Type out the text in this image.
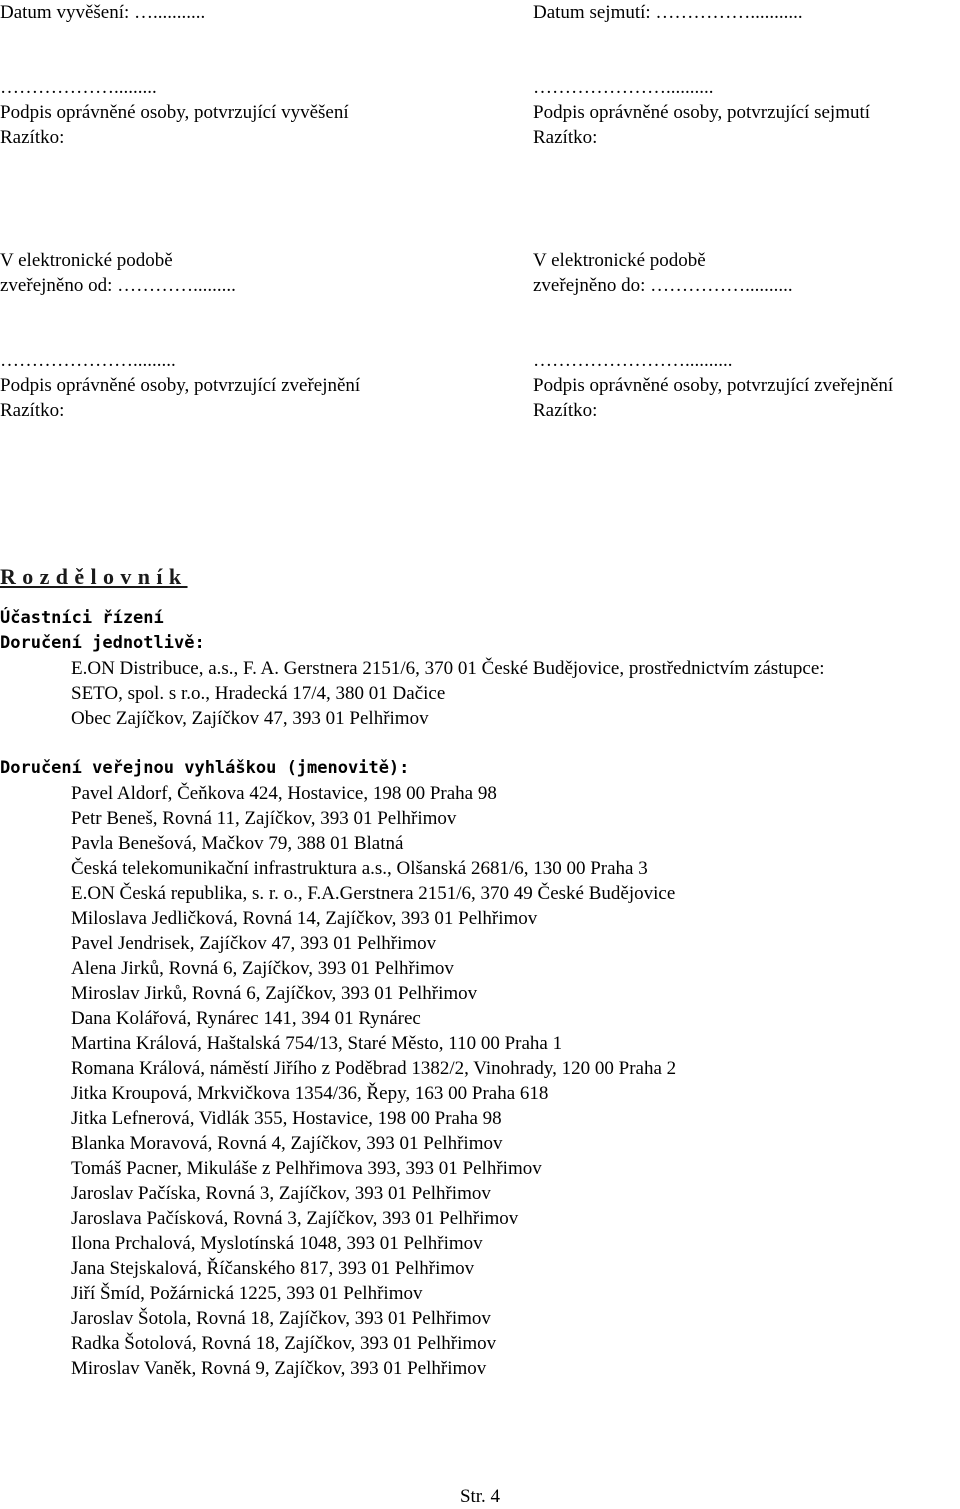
Datum vyvěšení: …...........
……………….........
Podpis oprávněné osoby, potvrzující vyvěšení
Razítko:
Datum sejmutí: ……………...........
…………………..........
Podpis oprávněné osoby, potvrzující sejmutí
Razítko:
V elektronické podobě
zveřejněno od: ………….........
………………….........
Podpis oprávněné osoby, potvrzující zveřejnění
Razítko:
V elektronické podobě
zveřejněno do: ……………..........
……………………..........
Podpis oprávněné osoby, potvrzující zveřejnění
Razítko:
R o z d ě l o v n í k
Účastníci řízení
Doručení jednotlivě:
E.ON Distribuce, a.s., F. A. Gerstnera 2151/6, 370 01 České Budějovice, prostřednictvím zástupce:
SETO, spol. s r.o., Hradecká 17/4, 380 01 Dačice
Obec Zajíčkov, Zajíčkov 47, 393 01 Pelhřimov
Doručení veřejnou vyhláškou (jmenovitě):
Pavel Aldorf, Čeňkova 424, Hostavice, 198 00 Praha 98
Petr Beneš, Rovná 11, Zajíčkov, 393 01 Pelhřimov
Pavla Benešová, Mačkov 79, 388 01 Blatná
Česká telekomunikační infrastruktura a.s., Olšanská 2681/6, 130 00 Praha 3
E.ON Česká republika, s. r. o., F.A.Gerstnera 2151/6, 370 49 České Budějovice
Miloslava Jedličková, Rovná 14, Zajíčkov, 393 01 Pelhřimov
Pavel Jendrisek, Zajíčkov 47, 393 01 Pelhřimov
Alena Jirků, Rovná 6, Zajíčkov, 393 01 Pelhřimov
Miroslav Jirků, Rovná 6, Zajíčkov, 393 01 Pelhřimov
Dana Kolářová, Rynárec 141, 394 01 Rynárec
Martina Králová, Haštalská 754/13, Staré Město, 110 00 Praha 1
Romana Králová, náměstí Jiřího z Poděbrad 1382/2, Vinohrady, 120 00 Praha 2
Jitka Kroupová, Mrkvičkova 1354/36, Řepy, 163 00 Praha 618
Jitka Lefnerová, Vidlák 355, Hostavice, 198 00 Praha 98
Blanka Moravová, Rovná 4, Zajíčkov, 393 01 Pelhřimov
Tomáš Pacner, Mikuláše z Pelhřimova 393, 393 01 Pelhřimov
Jaroslav Pačíska, Rovná 3, Zajíčkov, 393 01 Pelhřimov
Jaroslava Pačísková, Rovná 3, Zajíčkov, 393 01 Pelhřimov
Ilona Prchalová, Myslotínská 1048, 393 01 Pelhřimov
Jana Stejskalová, Říčanského 817, 393 01 Pelhřimov
Jiří Šmíd, Požárnická 1225, 393 01 Pelhřimov
Jaroslav Šotola, Rovná 18, Zajíčkov, 393 01 Pelhřimov
Radka Šotolová, Rovná 18, Zajíčkov, 393 01 Pelhřimov
Miroslav Vaněk, Rovná 9, Zajíčkov, 393 01 Pelhřimov
Str. 4
